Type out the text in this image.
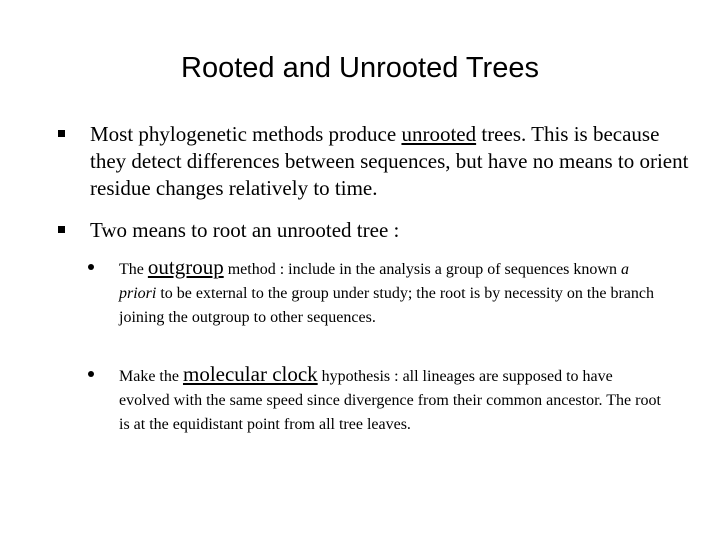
Rooted and Unrooted Trees
Most phylogenetic methods produce unrooted trees. This is because they detect differences between sequences, but have no means to orient residue changes relatively to time.
Two means to root an unrooted tree :
The outgroup method : include in the analysis a group of sequences known a priori to be external to the group under study; the root is by necessity on the branch joining the outgroup to other sequences.
Make the molecular clock hypothesis : all lineages are supposed to have evolved with the same speed since divergence from their common ancestor. The root is at the equidistant point from all tree leaves.
